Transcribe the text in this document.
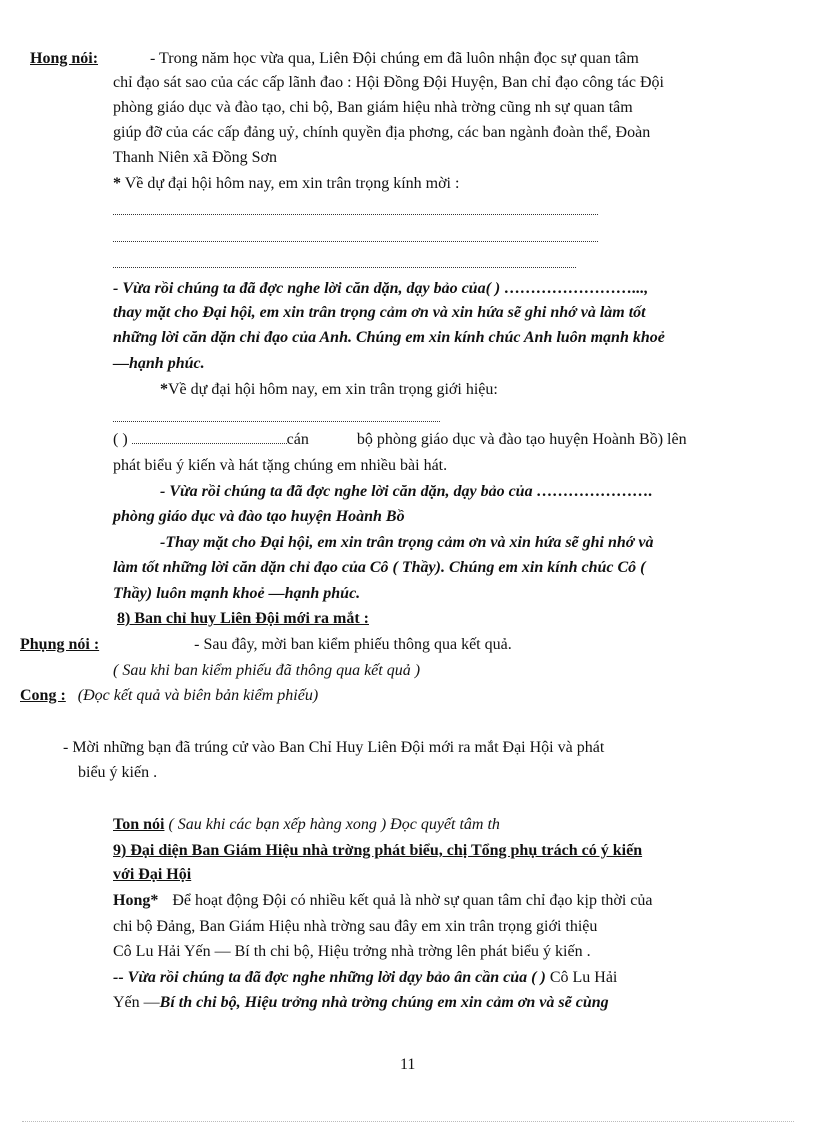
Hong nói:	- Trong năm học vừa qua, Liên Đội chúng em đã luôn nhận đọc sự quan tâm
chỉ đạo sát sao của các cấp lãnh đao : Hội Đồng Đội Huyện, Ban chỉ đạo công tác Đội
phòng giáo dục và đào tạo, chi bộ, Ban giám hiệu nhà trờng cũng nh sự quan tâm
giúp đỡ của các cấp đảng uỷ, chính quyền địa phơng, các ban ngành đoàn thể, Đoàn
Thanh Niên xã Đồng Sơn
* Về dự đại hội hôm nay, em xin trân trọng kính mời :
- Vừa rồi chúng ta đã đợc nghe lời căn dặn, dạy bảo của( ) ……………………...,
thay mặt cho Đại hội, em xin trân trọng cảm ơn và xin hứa sẽ ghi nhớ và làm tốt
những lời căn dặn chỉ đạo của Anh. Chúng em xin kính chúc Anh luôn mạnh khoẻ
—hạnh phúc.
*Về dự đại hội hôm nay, em xin trân trọng giới hiệu:
( )	cán	bộ phòng giáo dục và đào tạo huyện Hoành Bồ) lên
phát biểu ý kiến và hát tặng chúng em nhiều bài hát.
- Vừa rồi chúng ta đã đợc nghe lời căn dặn, dạy bảo của ………………….
phòng giáo dục và đào tạo huyện Hoành Bồ
-Thay mặt cho Đại hội, em xin trân trọng cảm ơn và xin hứa sẽ ghi nhớ và
làm tốt những lời căn dặn chỉ đạo của Cô ( Thầy). Chúng em xin kính chúc Cô (
Thầy) luôn mạnh khoẻ —hạnh phúc.
8) Ban chỉ huy Liên Đội mới ra mắt :
Phụng nói :	- Sau đây, mời ban kiểm phiếu thông qua kết quả.
( Sau khi ban kiểm phiếu đã thông qua kết quả )
Cong : (Đọc kết quả và biên bản kiểm phiếu)
- Mời những bạn đã trúng cử vào Ban Chỉ Huy Liên Đội mới ra mắt Đại Hội và phát
biểu ý kiến .
Ton nói ( Sau khi các bạn xếp hàng xong ) Đọc quyết tâm th
9) Đại diện Ban Giám Hiệu nhà trờng phát biểu, chị Tổng phụ trách có ý kiến
với Đại Hội
Hong* Để hoạt động Đội có nhiều kết quả là nhờ sự quan tâm chỉ đạo kịp thời của
chi bộ Đảng, Ban Giám Hiệu nhà trờng sau đây em xin trân trọng giới thiệu
Cô Lu Hải Yến — Bí th chi bộ, Hiệu trởng nhà trờng lên phát biểu ý kiến .
-- Vừa rồi chúng ta đã đợc nghe những lời dạy bảo ân cần của ( ) Cô Lu Hải
Yến —Bí th chi bộ, Hiệu trởng nhà trờng chúng em xin cảm ơn và sẽ cùng
11
